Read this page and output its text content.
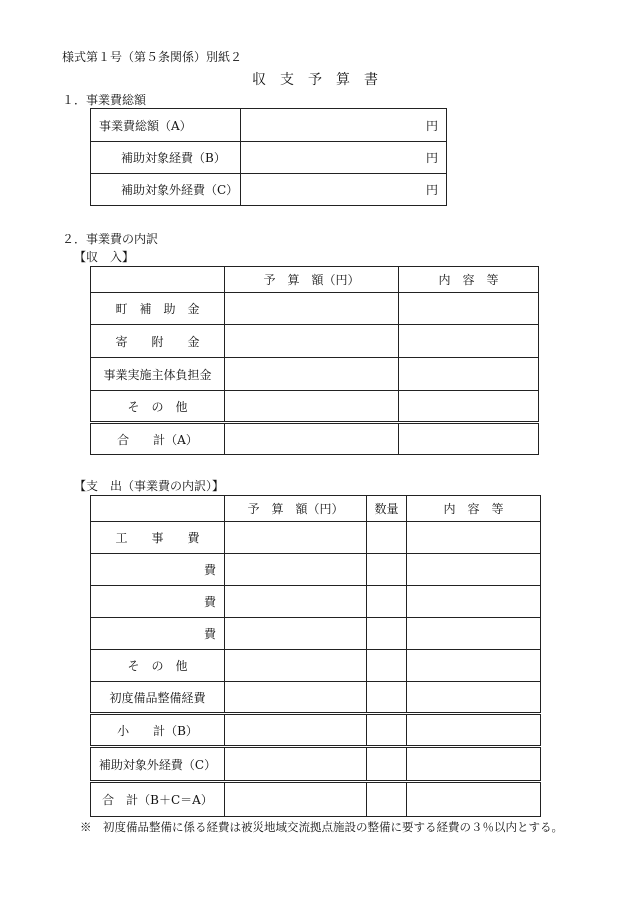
様式第１号（第５条関係）別紙２
収　支　予　算　書
１．事業費総額
事業費総額（A）	円
補助対象経費（B）	円
補助対象外経費（C）	円
２．事業費の内訳
【収　入】
	予　算　額（円）	内　容　等
町　補　助　金		
寄　　附　　金		
事業実施主体負担金		
そ　の　他		
合　　計（A）		
【支　出（事業費の内訳）】
	予　算　額（円）	数量	内　容　等
工　　事　　費			
費			
費			
費			
そ　の　他			
初度備品整備経費			
小　　計（B）			
補助対象外経費（C）			
合　計（B＋C＝A）			
※　初度備品整備に係る経費は被災地域交流拠点施設の整備に要する経費の３％以内とする。
